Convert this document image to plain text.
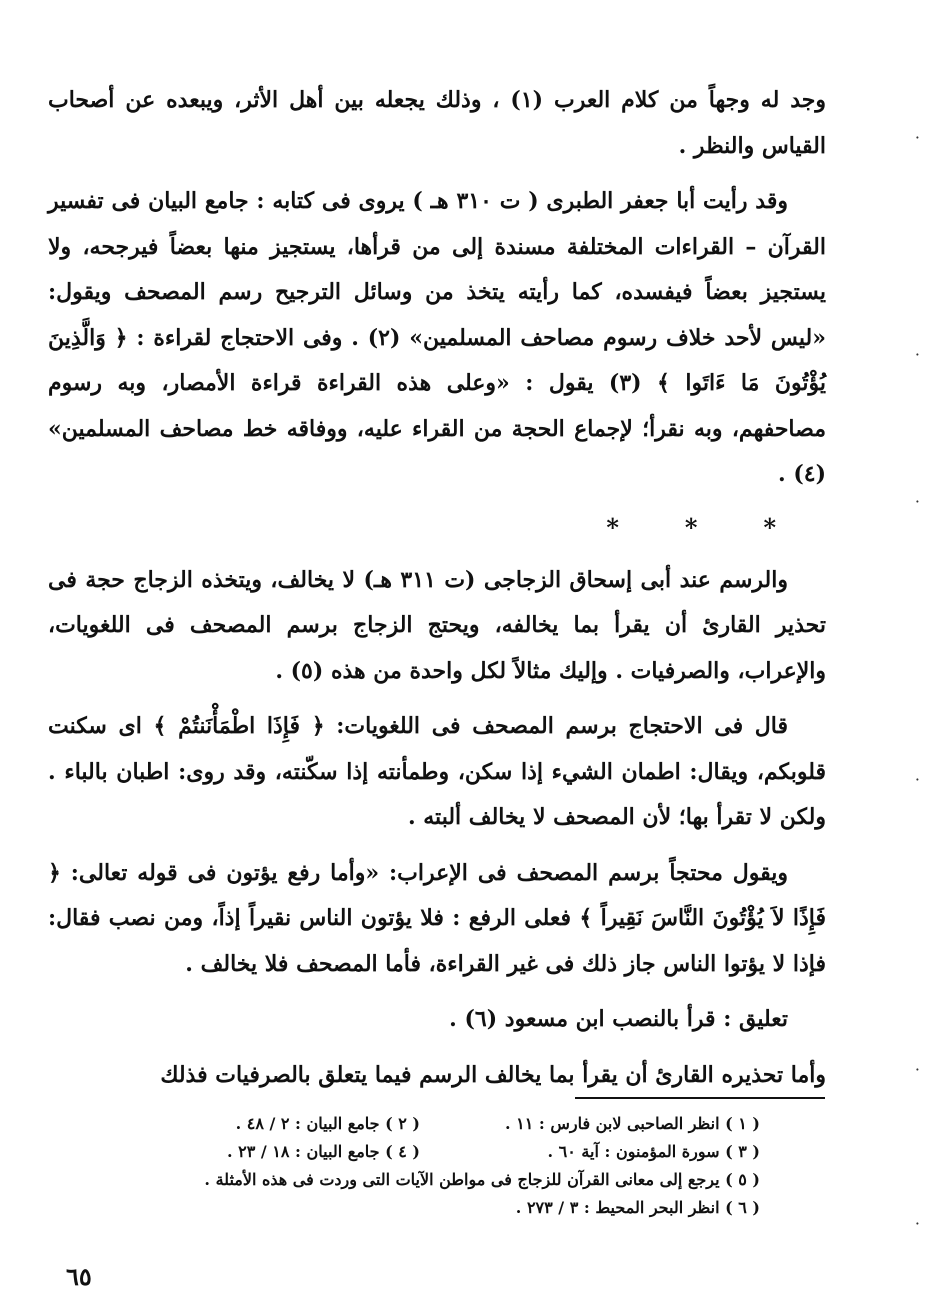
وجد له وجهاً من كلام العرب (١) ، وذلك يجعله بين أهل الأثر، ويبعده عن أصحاب القياس والنظر .

وقد رأيت أبا جعفر الطبرى ( ت ٣١٠ هـ ) يروى فى كتابه : جامع البيان فى تفسير القرآن – القراءات المختلفة مسندة إلى من قرأها، يستجيز منها بعضاً فيرجحه، ولا يستجيز بعضاً فيفسده، كما رأيته يتخذ من وسائل الترجيح رسم المصحف ويقول: «ليس لأحد خلاف رسوم مصاحف المسلمين» (٢) . وفى الاحتجاج لقراءة : ﴿ وَالَّذِينَ يُؤْتُونَ مَا ءَاتَوا ﴾ (٣) يقول : «وعلى هذه القراءة قراءة الأمصار، وبه رسوم مصاحفهم، وبه نقرأ؛ لإجماع الحجة من القراء عليه، ووفاقه خط مصاحف المسلمين» (٤) .

***

والرسم عند أبى إسحاق الزجاجى (ت ٣١١ هـ) لا يخالف، ويتخذه الزجاج حجة فى تحذير القارئ أن يقرأ بما يخالفه، ويحتج الزجاج برسم المصحف فى اللغويات، والإعراب، والصرفيات . وإليك مثالاً لكل واحدة من هذه (٥) .

قال فى الاحتجاج برسم المصحف فى اللغويات: ﴿ فَإِذَا اطْمَأْنَنتُمْ ﴾ اى سكنت قلوبكم، ويقال: اطمان الشيء إذا سكن، وطمأنته إذا سكّنته، وقد روى: اطبان بالباء . ولكن لا تقرأ بها؛ لأن المصحف لا يخالف ألبته .

ويقول محتجاً برسم المصحف فى الإعراب: «وأما رفع يؤتون فى قوله تعالى: ﴿ فَإِذًا لاَ يُؤْتُونَ النَّاسَ نَقِيراً ﴾ فعلى الرفع : فلا يؤتون الناس نقيراً إذاً، ومن نصب فقال: فإذا لا يؤتوا الناس جاز ذلك فى غير القراءة، فأما المصحف فلا يخالف .

تعليق : قرأ بالنصب ابن مسعود (٦) .

وأما تحذيره القارئ أن يقرأ بما يخالف الرسم فيما يتعلق بالصرفيات فذلك

( ١ ) انظر الصاحبى لابن فارس : ١١ .
( ٢ ) جامع البيان : ٢ / ٤٨ .
( ٣ ) سورة المؤمنون : آية ٦٠ .
( ٤ ) جامع البيان : ١٨ / ٢٣ .
( ٥ ) يرجع إلى معانى القرآن للزجاج فى مواطن الآيات التى وردت فى هذه الأمثلة .
( ٦ ) انظر البحر المحيط : ٣ / ٢٧٣ .
٦٥
·
·
·
·
·
·
